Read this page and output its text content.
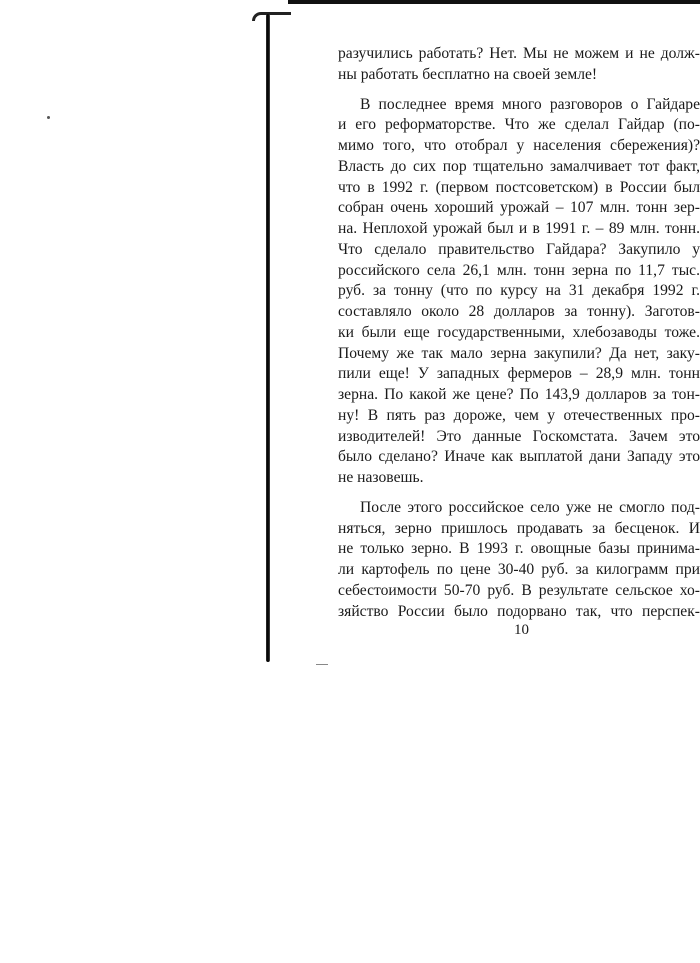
разучились работать? Нет. Мы не можем и не долж-
ны работать бесплатно на своей земле!

В последнее время много разговоров о Гайдаре
и его реформаторстве. Что же сделал Гайдар (по-
мимо того, что отобрал у населения сбережения)?
Власть до сих пор тщательно замалчивает тот факт,
что в 1992 г. (первом постсоветском) в России был
собран очень хороший урожай – 107 млн. тонн зер-
на. Неплохой урожай был и в 1991 г. – 89 млн. тонн.
Что сделало правительство Гайдара? Закупило у
российского села 26,1 млн. тонн зерна по 11,7 тыс.
руб. за тонну (что по курсу на 31 декабря 1992 г.
составляло около 28 долларов за тонну). Заготов-
ки были еще государственными, хлебозаводы тоже.
Почему же так мало зерна закупили? Да нет, заку-
пили еще! У западных фермеров – 28,9 млн. тонн
зерна. По какой же цене? По 143,9 долларов за тон-
ну! В пять раз дороже, чем у отечественных про-
изводителей! Это данные Госкомстата. Зачем это
было сделано? Иначе как выплатой дани Западу это
не назовешь.

После этого российское село уже не смогло под-
няться, зерно пришлось продавать за бесценок. И
не только зерно. В 1993 г. овощные базы принима-
ли картофель по цене 30-40 руб. за килограмм при
себестоимости 50-70 руб. В результате сельское хо-
зяйство России было подорвано так, что перспек-

10
